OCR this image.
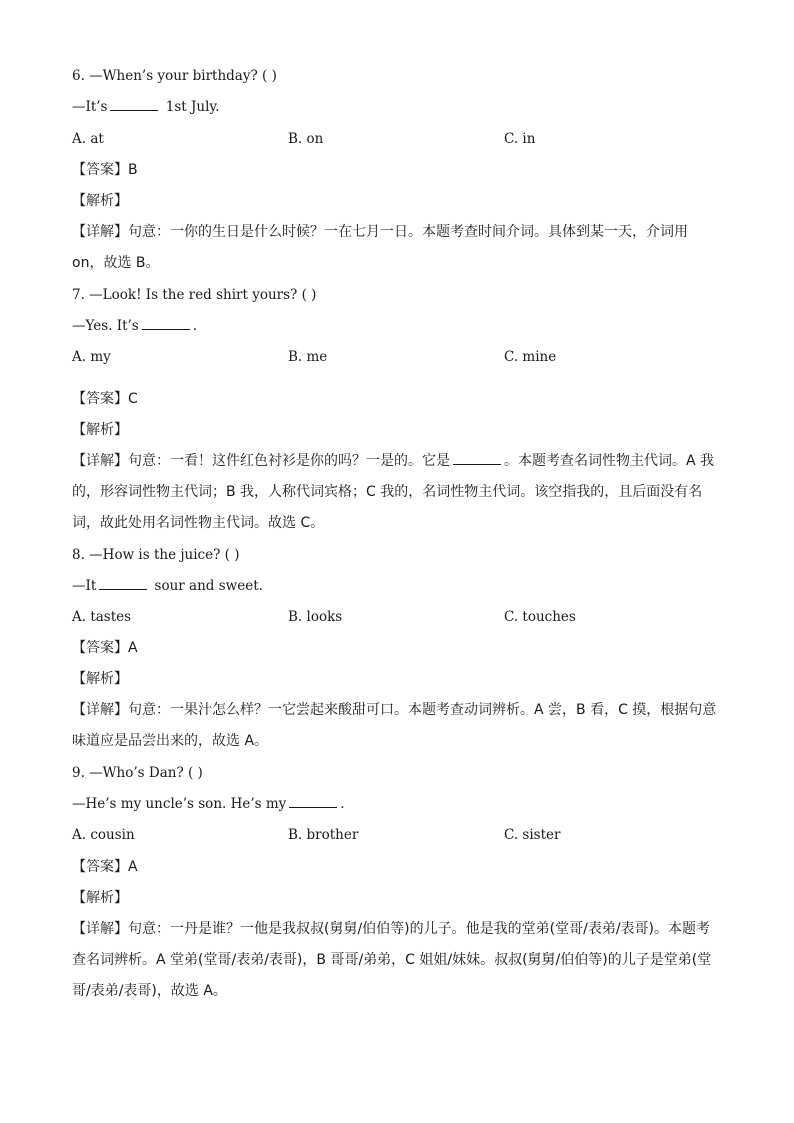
6. —When’s your birthday? ( )
—It’s	1st July.
A. at	B. on	C. in
【答案】B
【解析】
【详解】句意：一你的生日是什么时候？一在七月一日。本题考查时间介词。具体到某一天，介词用 on，故选 B。
7. —Look! Is the red shirt yours? ( )
—Yes. It’s	.
A. my	B. me	C. mine
【答案】C
【解析】
【详解】句意：一看！这件红色衬衫是你的吗？一是的。它是	。本题考查名词性物主代词。A 我的，形容词性物主代词；B 我，人称代词宾格；C 我的，名词性物主代词。该空指我的，且后面没有名词，故此处用名词性物主代词。故选 C。
8. —How is the juice? ( )
—It	sour and sweet.
A. tastes	B. looks	C. touches
【答案】A
【解析】
【详解】句意：一果汁怎么样？一它尝起来酸甜可口。本题考查动词辨析。A 尝，B 看，C 摸，根据句意味道应是品尝出来的，故选 A。
9. —Who’s Dan? ( )
—He’s my uncle’s son. He’s my	.
A. cousin	B. brother	C. sister
【答案】A
【解析】
【详解】句意：一丹是谁？一他是我叔叔(舅舅/伯伯等)的儿子。他是我的堂弟(堂哥/表弟/表哥)。本题考查名词辨析。A 堂弟(堂哥/表弟/表哥)，B 哥哥/弟弟，C 姐姐/妹妹。叔叔(舅舅/伯伯等)的儿子是堂弟(堂哥/表弟/表哥)，故选 A。
